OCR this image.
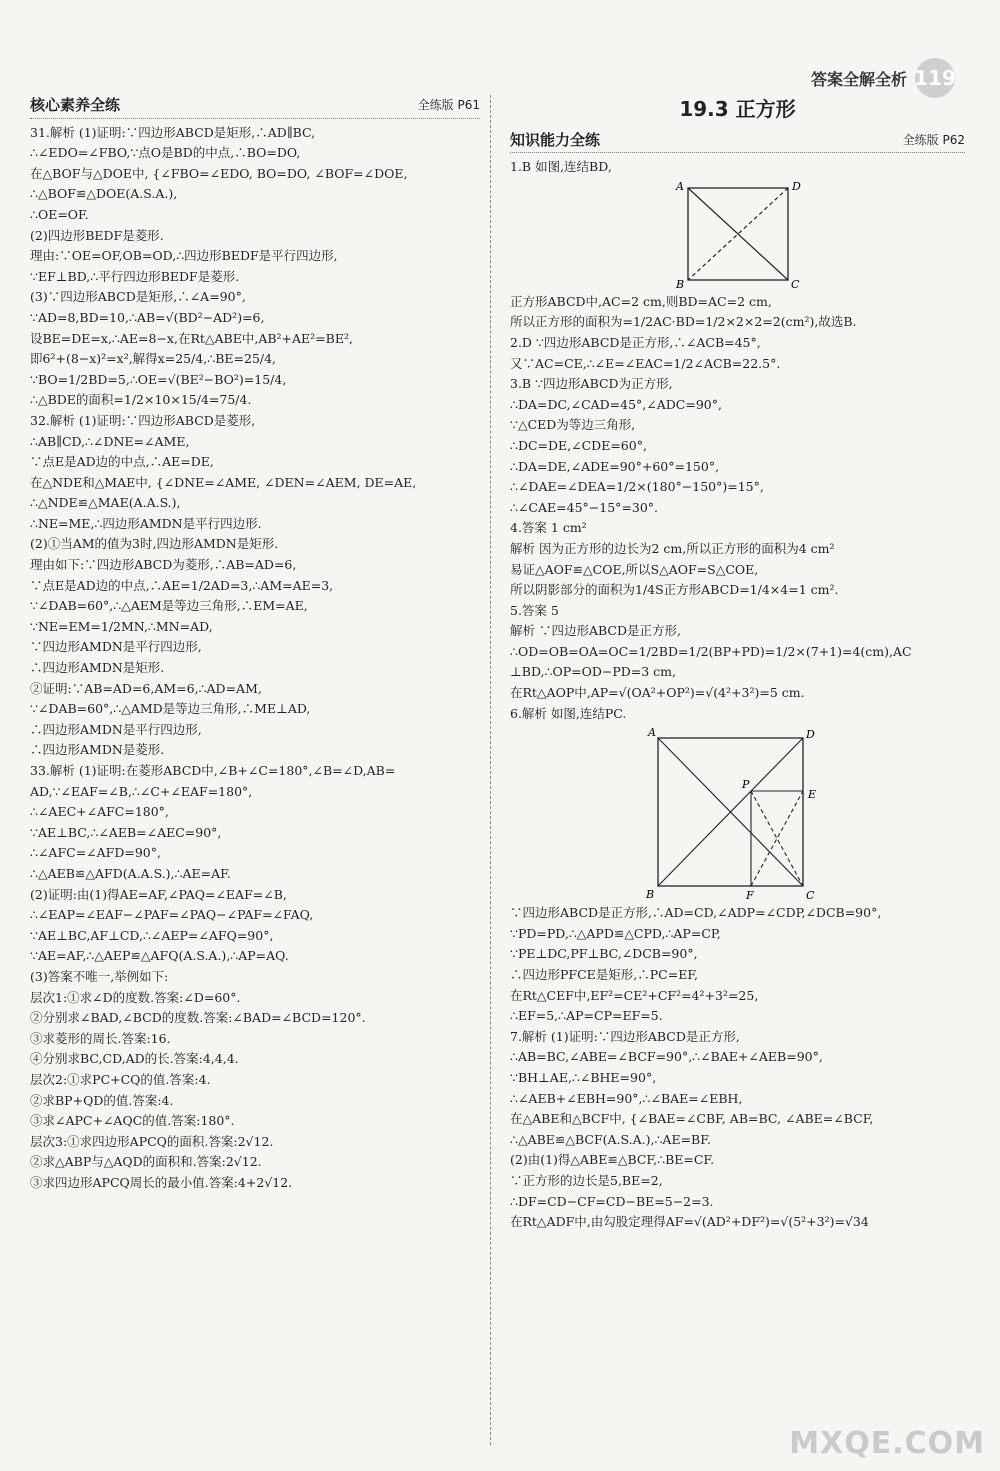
答案全解全析 119
核心素养全练	全练版 P61
31.解析 (1)证明:∵四边形ABCD是矩形,∴AD∥BC,
∴∠EDO=∠FBO,∵点O是BD的中点,∴BO=DO,
在△BOF与△DOE中, {∠FBO=∠EDO, BO=DO, ∠BOF=∠DOE,
∴△BOF≌△DOE(A.S.A.),
∴OE=OF.
(2)四边形BEDF是菱形.
理由:∵OE=OF,OB=OD,∴四边形BEDF是平行四边形,
∵EF⊥BD,∴平行四边形BEDF是菱形.
(3)∵四边形ABCD是矩形,∴∠A=90°,
∵AD=8,BD=10,∴AB=√(BD²−AD²)=6,
设BE=DE=x,∴AE=8−x,在Rt△ABE中,AB²+AE²=BE²,
即6²+(8−x)²=x²,解得x=25/4,∴BE=25/4,
∵BO=1/2BD=5,∴OE=√(BE²−BO²)=15/4,
∴△BDE的面积=1/2×10×15/4=75/4.
32.解析 (1)证明:∵四边形ABCD是菱形,
∴AB∥CD,∴∠DNE=∠AME,
∵点E是AD边的中点,∴AE=DE,
在△NDE和△MAE中, {∠DNE=∠AME, ∠DEN=∠AEM, DE=AE,
∴△NDE≌△MAE(A.A.S.),
∴NE=ME,∴四边形AMDN是平行四边形.
(2)①当AM的值为3时,四边形AMDN是矩形.
理由如下:∵四边形ABCD为菱形,∴AB=AD=6,
∵点E是AD边的中点,∴AE=1/2AD=3,∴AM=AE=3,
∵∠DAB=60°,∴△AEM是等边三角形,∴EM=AE,
∵NE=EM=1/2MN,∴MN=AD,
∵四边形AMDN是平行四边形,
∴四边形AMDN是矩形.
②证明:∵AB=AD=6,AM=6,∴AD=AM,
∵∠DAB=60°,∴△AMD是等边三角形,∴ME⊥AD,
∴四边形AMDN是平行四边形,
∴四边形AMDN是菱形.
33.解析 (1)证明:在菱形ABCD中,∠B+∠C=180°,∠B=∠D,AB=
AD,∵∠EAF=∠B,∴∠C+∠EAF=180°,
∴∠AEC+∠AFC=180°,
∵AE⊥BC,∴∠AEB=∠AEC=90°,
∴∠AFC=∠AFD=90°,
∴△AEB≌△AFD(A.A.S.),∴AE=AF.
(2)证明:由(1)得AE=AF,∠PAQ=∠EAF=∠B,
∴∠EAP=∠EAF−∠PAF=∠PAQ−∠PAF=∠FAQ,
∵AE⊥BC,AF⊥CD,∴∠AEP=∠AFQ=90°,
∵AE=AF,∴△AEP≌△AFQ(A.S.A.),∴AP=AQ.
(3)答案不唯一,举例如下:
层次1:①求∠D的度数.答案:∠D=60°.
②分别求∠BAD,∠BCD的度数.答案:∠BAD=∠BCD=120°.
③求菱形的周长.答案:16.
④分别求BC,CD,AD的长.答案:4,4,4.
层次2:①求PC+CQ的值.答案:4.
②求BP+QD的值.答案:4.
③求∠APC+∠AQC的值.答案:180°.
层次3:①求四边形APCQ的面积.答案:2√12.
②求△ABP与△AQD的面积和.答案:2√12.
③求四边形APCQ周长的最小值.答案:4+2√12.
19.3 正方形
知识能力全练	全练版 P62
1.B 如图,连结BD,
A	D
B	C
正方形ABCD中,AC=2 cm,则BD=AC=2 cm,
所以正方形的面积为=1/2AC·BD=1/2×2×2=2(cm²),故选B.
2.D ∵四边形ABCD是正方形,∴∠ACB=45°,
又∵AC=CE,∴∠E=∠EAC=1/2∠ACB=22.5°.
3.B ∵四边形ABCD为正方形,
∴DA=DC,∠CAD=45°,∠ADC=90°,
∵△CED为等边三角形,
∴DC=DE,∠CDE=60°,
∴DA=DE,∠ADE=90°+60°=150°,
∴∠DAE=∠DEA=1/2×(180°−150°)=15°,
∴∠CAE=45°−15°=30°.
4.答案 1 cm²
解析 因为正方形的边长为2 cm,所以正方形的面积为4 cm²
易证△AOF≌△COE,所以S△AOF=S△COE,
所以阴影部分的面积为1/4S正方形ABCD=1/4×4=1 cm².
5.答案 5
解析 ∵四边形ABCD是正方形,
∴OD=OB=OA=OC=1/2BD=1/2(BP+PD)=1/2×(7+1)=4(cm),AC
⊥BD,∴OP=OD−PD=3 cm,
在Rt△AOP中,AP=√(OA²+OP²)=√(4²+3²)=5 cm.
6.解析 如图,连结PC.
A	D
P
E
B	F	C
∵四边形ABCD是正方形,∴AD=CD,∠ADP=∠CDP,∠DCB=90°,
∵PD=PD,∴△APD≌△CPD,∴AP=CP,
∵PE⊥DC,PF⊥BC,∠DCB=90°,
∴四边形PFCE是矩形,∴PC=EF,
在Rt△CEF中,EF²=CE²+CF²=4²+3²=25,
∴EF=5,∴AP=CP=EF=5.
7.解析 (1)证明:∵四边形ABCD是正方形,
∴AB=BC,∠ABE=∠BCF=90°,∴∠BAE+∠AEB=90°,
∵BH⊥AE,∴∠BHE=90°,
∴∠AEB+∠EBH=90°,∴∠BAE=∠EBH,
在△ABE和△BCF中, {∠BAE=∠CBF, AB=BC, ∠ABE=∠BCF,
∴△ABE≌△BCF(A.S.A.),∴AE=BF.
(2)由(1)得△ABE≌△BCF,∴BE=CF.
∵正方形的边长是5,BE=2,
∴DF=CD−CF=CD−BE=5−2=3.
在Rt△ADF中,由勾股定理得AF=√(AD²+DF²)=√(5²+3²)=√34
MXQE.COM
